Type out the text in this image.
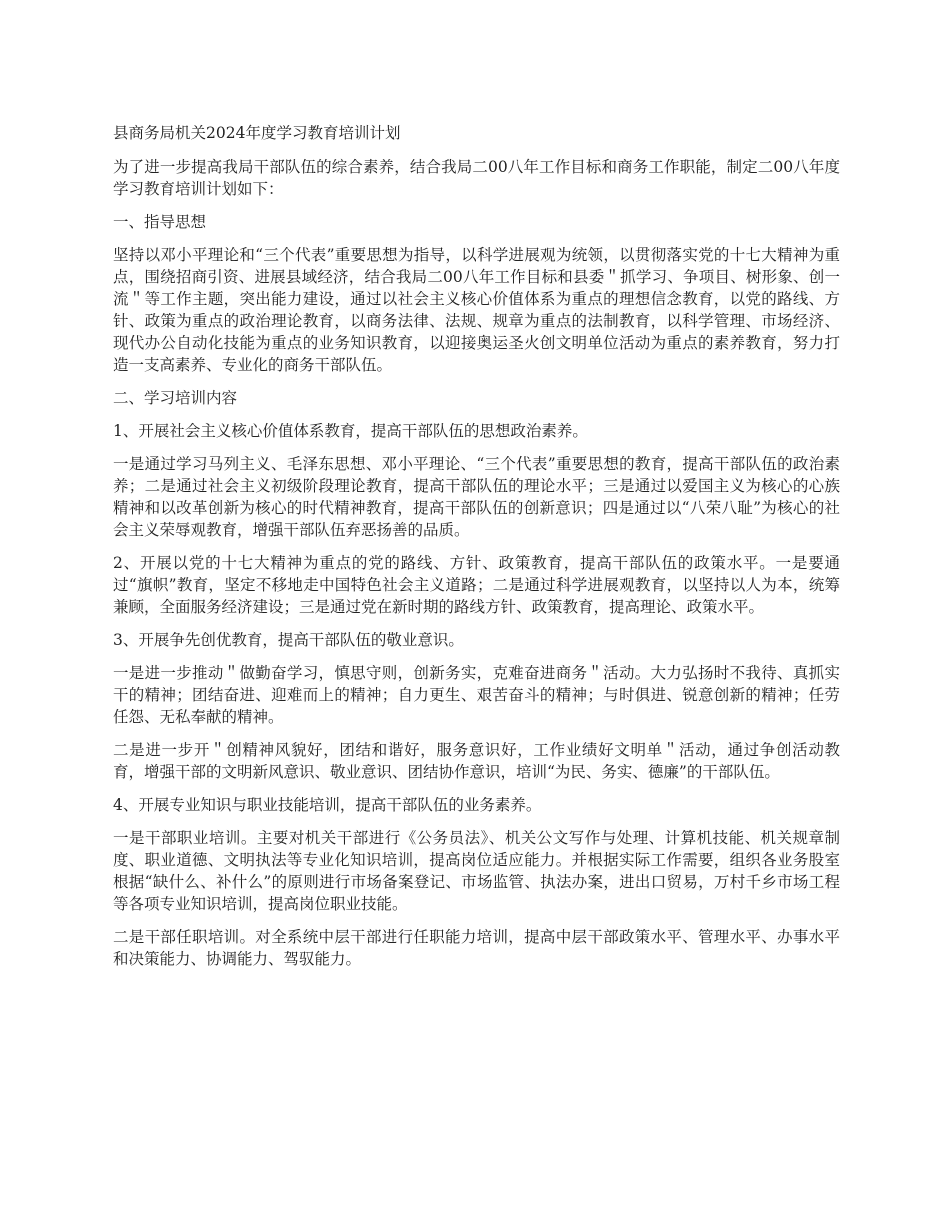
县商务局机关2024年度学习教育培训计划

为了进一步提高我局干部队伍的综合素养，结合我局二00八年工作目标和商务工作职能，制定二00八年度学习教育培训计划如下：

一、指导思想

坚持以邓小平理论和“三个代表”重要思想为指导，以科学进展观为统领，以贯彻落实党的十七大精神为重点，围绕招商引资、进展县域经济，结合我局二00八年工作目标和县委＂抓学习、争项目、树形象、创一流＂等工作主题，突出能力建设，通过以社会主义核心价值体系为重点的理想信念教育，以党的路线、方针、政策为重点的政治理论教育，以商务法律、法规、规章为重点的法制教育，以科学管理、市场经济、现代办公自动化技能为重点的业务知识教育，以迎接奥运圣火创文明单位活动为重点的素养教育，努力打造一支高素养、专业化的商务干部队伍。

二、学习培训内容

1、开展社会主义核心价值体系教育，提高干部队伍的思想政治素养。

一是通过学习马列主义、毛泽东思想、邓小平理论、“三个代表”重要思想的教育，提高干部队伍的政治素养；二是通过社会主义初级阶段理论教育，提高干部队伍的理论水平；三是通过以爱国主义为核心的心族精神和以改革创新为核心的时代精神教育，提高干部队伍的创新意识；四是通过以“八荣八耻”为核心的社会主义荣辱观教育，增强干部队伍弃恶扬善的品质。

2、开展以党的十七大精神为重点的党的路线、方针、政策教育，提高干部队伍的政策水平。一是要通过“旗帜”教育，坚定不移地走中国特色社会主义道路；二是通过科学进展观教育，以坚持以人为本，统筹兼顾，全面服务经济建设；三是通过党在新时期的路线方针、政策教育，提高理论、政策水平。

3、开展争先创优教育，提高干部队伍的敬业意识。

一是进一步推动＂做勤奋学习，慎思守则，创新务实，克难奋进商务＂活动。大力弘扬时不我待、真抓实干的精神；团结奋进、迎难而上的精神；自力更生、艰苦奋斗的精神；与时俱进、锐意创新的精神；任劳任怨、无私奉献的精神。

二是进一步开＂创精神风貌好，团结和谐好，服务意识好，工作业绩好文明单＂活动，通过争创活动教育，增强干部的文明新风意识、敬业意识、团结协作意识，培训“为民、务实、德廉”的干部队伍。

4、开展专业知识与职业技能培训，提高干部队伍的业务素养。

一是干部职业培训。主要对机关干部进行《公务员法》、机关公文写作与处理、计算机技能、机关规章制度、职业道德、文明执法等专业化知识培训，提高岗位适应能力。并根据实际工作需要，组织各业务股室根据“缺什么、补什么”的原则进行市场备案登记、市场监管、执法办案，进出口贸易，万村千乡市场工程等各项专业知识培训，提高岗位职业技能。

二是干部任职培训。对全系统中层干部进行任职能力培训，提高中层干部政策水平、管理水平、办事水平和决策能力、协调能力、驾驭能力。
